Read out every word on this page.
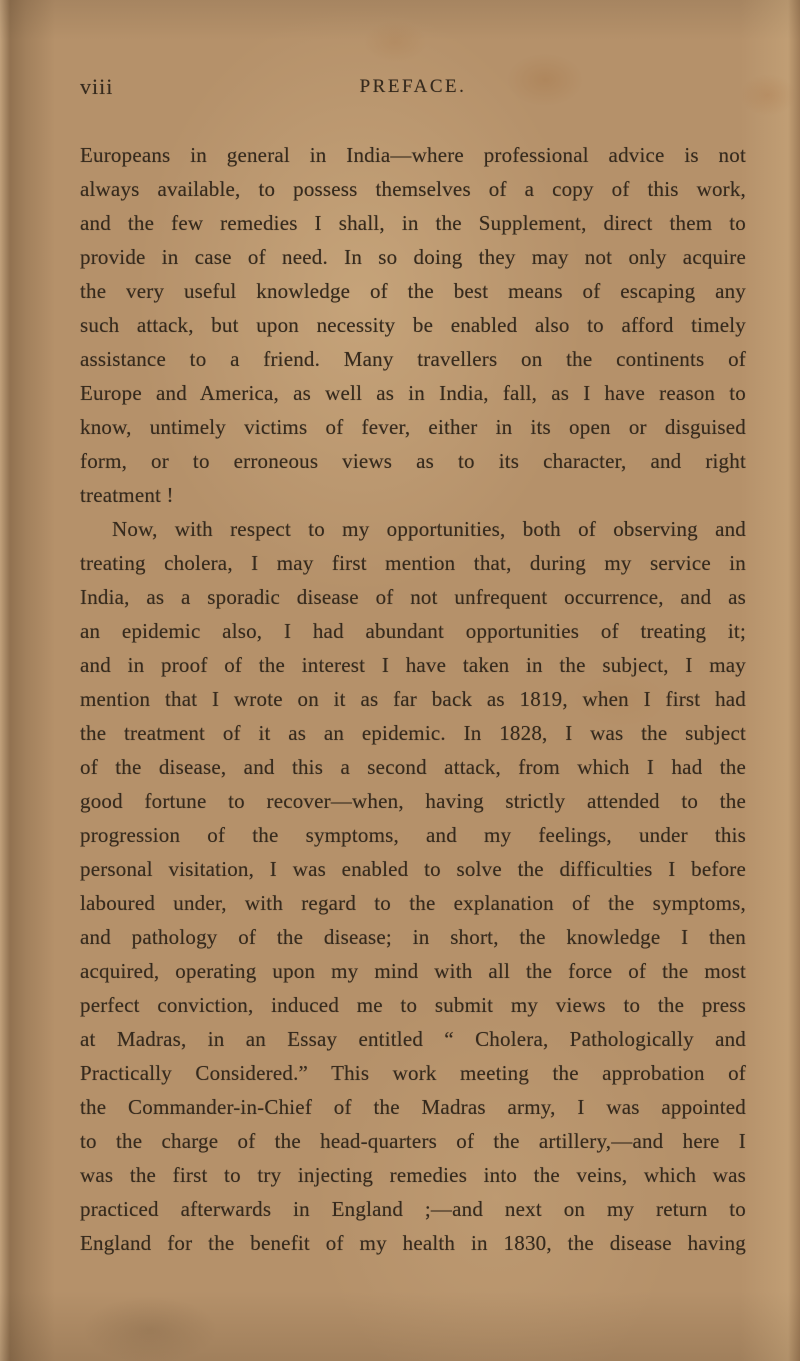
viii	PREFACE.
Europeans in general in India—where professional advice is not
always available, to possess themselves of a copy of this work,
and the few remedies I shall, in the Supplement, direct them to
provide in case of need. In so doing they may not only acquire
the very useful knowledge of the best means of escaping any
such attack, but upon necessity be enabled also to afford timely
assistance to a friend. Many travellers on the continents of
Europe and America, as well as in India, fall, as I have reason to
know, untimely victims of fever, either in its open or disguised
form, or to erroneous views as to its character, and right
treatment !
Now, with respect to my opportunities, both of observing and
treating cholera, I may first mention that, during my service in
India, as a sporadic disease of not unfrequent occurrence, and as
an epidemic also, I had abundant opportunities of treating it;
and in proof of the interest I have taken in the subject, I may
mention that I wrote on it as far back as 1819, when I first had
the treatment of it as an epidemic. In 1828, I was the subject
of the disease, and this a second attack, from which I had the
good fortune to recover—when, having strictly attended to the
progression of the symptoms, and my feelings, under this
personal visitation, I was enabled to solve the difficulties I before
laboured under, with regard to the explanation of the symptoms,
and pathology of the disease; in short, the knowledge I then
acquired, operating upon my mind with all the force of the most
perfect conviction, induced me to submit my views to the press
at Madras, in an Essay entitled “ Cholera, Pathologically and
Practically Considered.” This work meeting the approbation of
the Commander-in-Chief of the Madras army, I was appointed
to the charge of the head-quarters of the artillery,—and here I
was the first to try injecting remedies into the veins, which was
practiced afterwards in England ;—and next on my return to
England for the benefit of my health in 1830, the disease having
